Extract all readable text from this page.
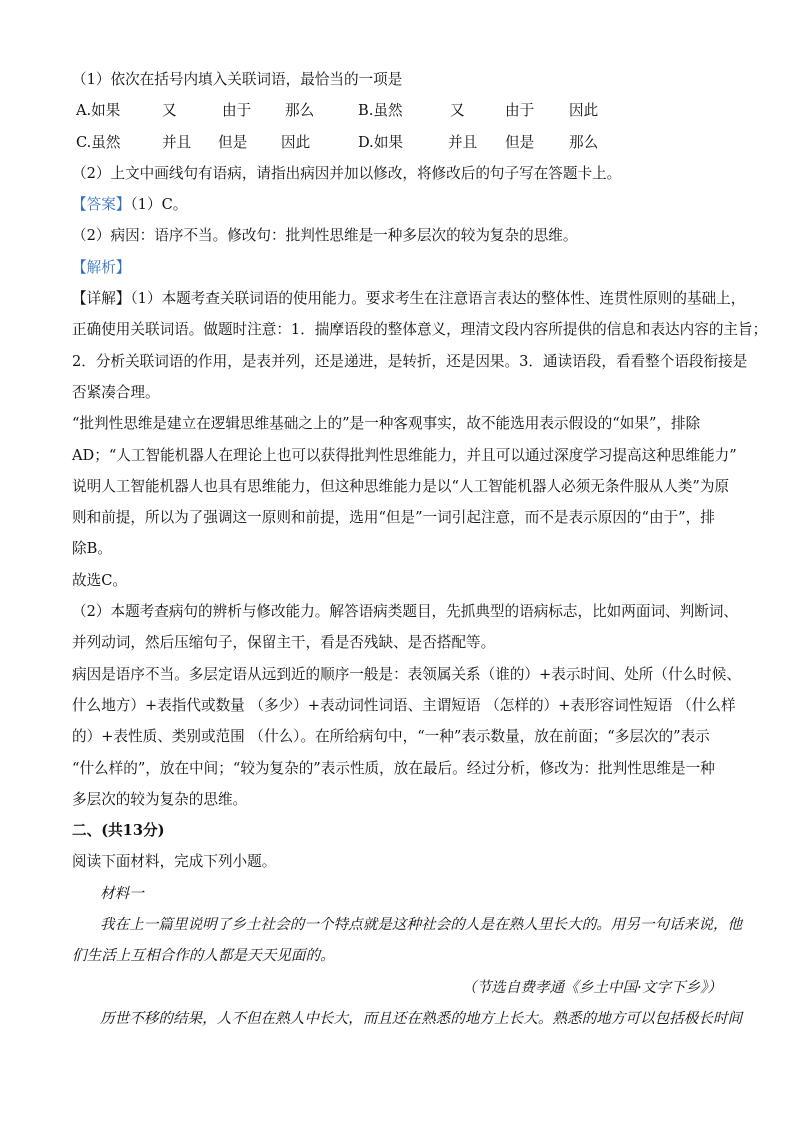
（1）依次在括号内填入关联词语，最恰当的一项是
A.如果	又	由于 那么	B.虽然	又	由于 因此
C.虽然	并且 但是 因此	D.如果	并且 但是 那么
（2）上文中画线句有语病，请指出病因并加以修改，将修改后的句子写在答题卡上。
【答案】（1）C。
（2）病因：语序不当。修改句：批判性思维是一种多层次的较为复杂的思维。
【解析】
【详解】（1）本题考查关联词语的使用能力。要求考生在注意语言表达的整体性、连贯性原则的基础上，
正确使用关联词语。做题时注意：1．揣摩语段的整体意义，理清文段内容所提供的信息和表达内容的主旨；
2．分析关联词语的作用，是表并列，还是递进，是转折，还是因果。3．通读语段，看看整个语段衔接是
否紧凑合理。
“批判性思维是建立在逻辑思维基础之上的”是一种客观事实，故不能选用表示假设的“如果”，排除
AD；“人工智能机器人在理论上也可以获得批判性思维能力，并且可以通过深度学习提高这种思维能力”
说明人工智能机器人也具有思维能力，但这种思维能力是以“人工智能机器人必须无条件服从人类”为原
则和前提，所以为了强调这一原则和前提，选用“但是”一词引起注意，而不是表示原因的“由于”，排
除B。
故选C。
（2）本题考查病句的辨析与修改能力。解答语病类题目，先抓典型的语病标志，比如两面词、判断词、
并列动词，然后压缩句子，保留主干，看是否残缺、是否搭配等。
病因是语序不当。多层定语从远到近的顺序一般是：表领属关系（谁的）+表示时间、处所（什么时候、
什么地方）+表指代或数量 （多少）+表动词性词语、主谓短语 （怎样的）+表形容词性短语 （什么样
的）+表性质、类别或范围 （什么）。在所给病句中，“一种”表示数量，放在前面；“多层次的”表示
“什么样的”，放在中间；“较为复杂的”表示性质，放在最后。经过分析，修改为：批判性思维是一种
多层次的较为复杂的思维。
二、(共13分)
阅读下面材料，完成下列小题。
材料一
我在上一篇里说明了乡土社会的一个特点就是这种社会的人是在熟人里长大的。用另一句话来说，他
们生活上互相合作的人都是天天见面的。
（节选自费孝通《乡土中国·文字下乡》）
历世不移的结果，人不但在熟人中长大，而且还在熟悉的地方上长大。熟悉的地方可以包括极长时间
